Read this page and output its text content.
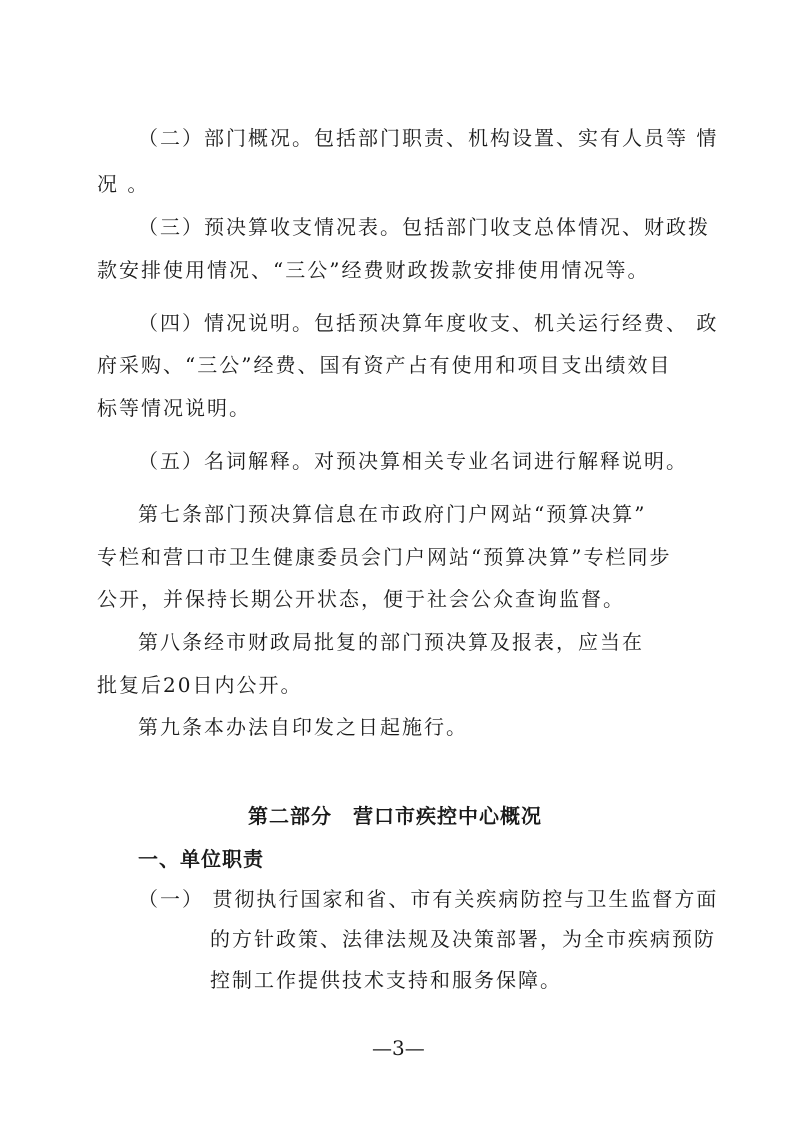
（二）部门概况。包括部门职责、机构设置、实有人员等 情
况 。
（三）预决算收支情况表。包括部门收支总体情况、财政拨
款安排使用情况、“三公”经费财政拨款安排使用情况等。
（四）情况说明。包括预决算年度收支、机关运行经费、 政
府采购、“三公”经费、国有资产占有使用和项目支出绩效目
标等情况说明。
（五）名词解释。对预决算相关专业名词进行解释说明。
第七条部门预决算信息在市政府门户网站“预算决算”
专栏和营口市卫生健康委员会门户网站“预算决算”专栏同步
公开，并保持长期公开状态，便于社会公众查询监督。
第八条经市财政局批复的部门预决算及报表，应当在
批复后20日内公开。
第九条本办法自印发之日起施行。
第二部分　营口市疾控中心概况
一、单位职责
（一） 贯彻执行国家和省、市有关疾病防控与卫生监督方面
的方针政策、法律法规及决策部署，为全市疾病预防
控制工作提供技术支持和服务保障。
—3—
